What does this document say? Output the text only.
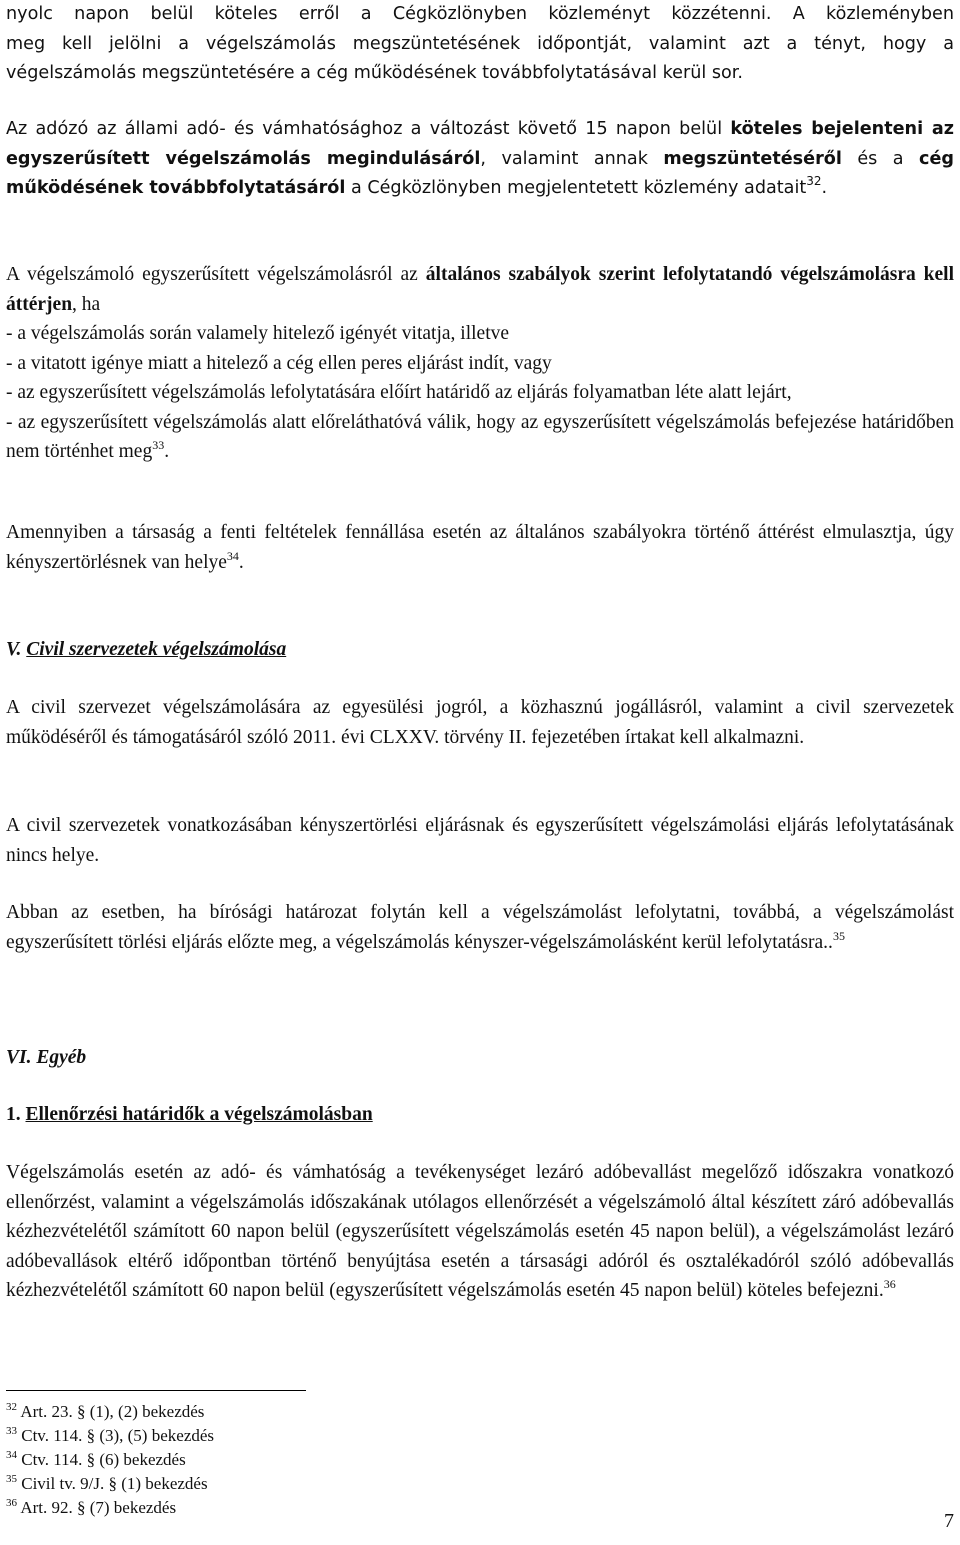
nyolc napon belül köteles erről a Cégközlönyben közleményt közzétenni. A közleményben
meg kell jelölni a végelszámolás megszüntetésének időpontját, valamint azt a tényt, hogy a
végelszámolás megszüntetésére a cég működésének továbbfolytatásával kerül sor.

Az adózó az állami adó- és vámhatósághoz a változást követő 15 napon belül köteles bejelenteni az egyszerűsített végelszámolás megindulásáról, valamint annak megszüntetéséről és a cég működésének továbbfolytatásáról a Cégközlönyben megjelentetett közlemény adatait$^{32}$.

A végelszámoló egyszerűsített végelszámolásról az általános szabályok szerint lefolytatandó végelszámolásra kell áttérjen, ha

- a végelszámolás során valamely hitelező igényét vitatja, illetve
- a vitatott igénye miatt a hitelező a cég ellen peres eljárást indít, vagy
- az egyszerűsített végelszámolás lefolytatására előírt határidő az eljárás folyamatban léte alatt lejárt,

- az egyszerűsített végelszámolás alatt előreláthatóvá válik, hogy az egyszerűsített végelszámolás befejezése határidőben nem történhet meg$^{33}$.

Amennyiben a társaság a fenti feltételek fennállása esetén az általános szabályokra történő áttérést elmulasztja, úgy kényszertörlésnek van helye$^{34}$.

V. Civil szervezetek végelszámolása

A civil szervezet végelszámolására az egyesülési jogról, a közhasznú jogállásról, valamint a civil szervezetek működéséről és támogatásáról szóló 2011. évi CLXXV. törvény II. fejezetében írtakat kell alkalmazni.

A civil szervezetek vonatkozásában kényszertörlési eljárásnak és egyszerűsített végelszámolási eljárás lefolytatásának nincs helye.

Abban az esetben, ha bírósági határozat folytán kell a végelszámolást lefolytatni, továbbá, a végelszámolást egyszerűsített törlési eljárás előzte meg, a végelszámolás kényszer-végelszámolásként kerül lefolytatásra..$^{35}$

VI. Egyéb
1. Ellenőrzési határidők a végelszámolásban

Végelszámolás esetén az adó- és vámhatóság a tevékenységet lezáró adóbevallást megelőző időszakra vonatkozó ellenőrzést, valamint a végelszámolás időszakának utólagos ellenőrzését a végelszámoló által készített záró adóbevallás kézhezvételétől számított 60 napon belül (egyszerűsített végelszámolás esetén 45 napon belül), a végelszámolást lezáró adóbevallások eltérő időpontban történő benyújtása esetén a társasági adóról és osztalékadóról szóló adóbevallás kézhezvételétől számított 60 napon belül (egyszerűsített végelszámolás esetén 45 napon belül) köteles befejezni.$^{36}$

$^{32}$ Art. 23. § (1), (2) bekezdés
$^{33}$ Ctv. 114. § (3), (5) bekezdés
$^{34}$ Ctv. 114. § (6) bekezdés
$^{35}$ Civil tv. 9/J. § (1) bekezdés
$^{36}$ Art. 92. § (7) bekezdés
7
